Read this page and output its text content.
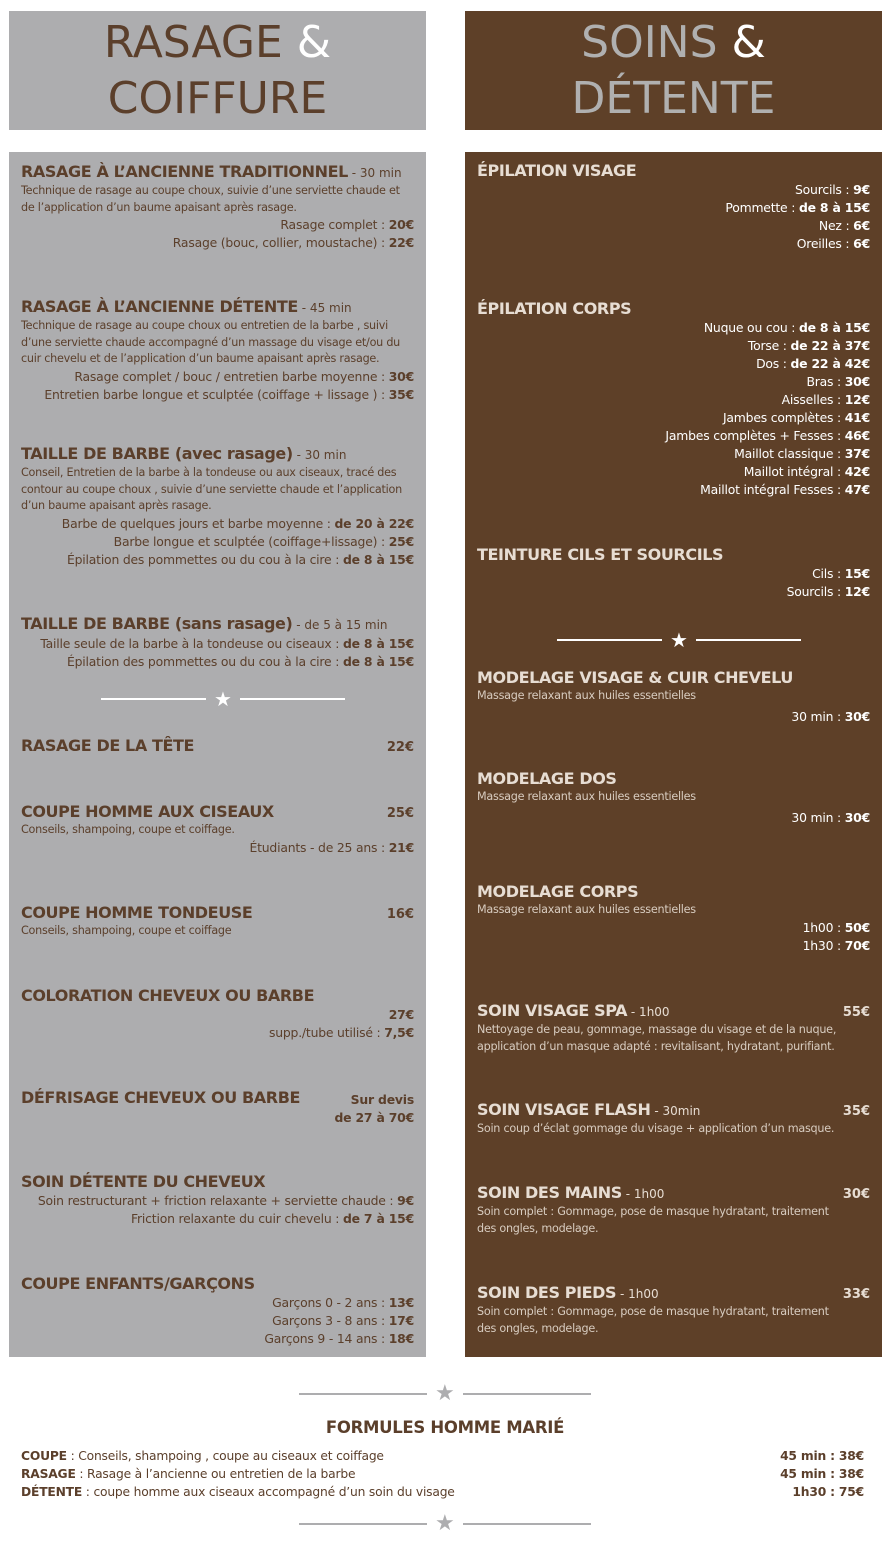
RASAGE &
COIFFURE
SOINS &
DÉTENTE
RASAGE À L’ANCIENNE TRADITIONNEL - 30 min
Technique de rasage au coupe choux, suivie d’une serviette chaude et de l’application d’un baume apaisant après rasage.
Rasage complet : 20€
Rasage (bouc, collier, moustache) : 22€
RASAGE À L’ANCIENNE DÉTENTE - 45 min
Technique de rasage au coupe choux ou entretien de la barbe , suivi d’une serviette chaude accompagné d’un massage du visage et/ou du cuir chevelu et de l’application d’un baume apaisant après rasage.
Rasage complet / bouc / entretien barbe moyenne : 30€
Entretien barbe longue et sculptée (coiffage + lissage ) : 35€
TAILLE DE BARBE (avec rasage) - 30 min
Conseil, Entretien de la barbe à la tondeuse ou aux ciseaux, tracé des contour au coupe choux , suivie d’une serviette chaude et l’application d’un baume apaisant après rasage.
Barbe de quelques jours et barbe moyenne : de 20 à 22€
Barbe longue et sculptée (coiffage+lissage) : 25€
Épilation des pommettes ou du cou à la cire : de 8 à 15€
TAILLE DE BARBE (sans rasage) - de 5 à 15 min
Taille seule de la barbe à la tondeuse ou ciseaux : de 8 à 15€
Épilation des pommettes ou du cou à la cire : de 8 à 15€
★
RASAGE DE LA TÊTE	22€
COUPE HOMME AUX CISEAUX	25€
Conseils, shampoing, coupe et coiffage.
Étudiants - de 25 ans : 21€
COUPE HOMME TONDEUSE	16€
Conseils, shampoing, coupe et coiffage
COLORATION CHEVEUX OU BARBE
27€
supp./tube utilisé : 7,5€
DÉFRISAGE CHEVEUX OU BARBE	Sur devis
de 27 à 70€
SOIN DÉTENTE DU CHEVEUX
Soin restructurant + friction relaxante + serviette chaude : 9€
Friction relaxante du cuir chevelu : de 7 à 15€
COUPE ENFANTS/GARÇONS
Garçons 0 - 2 ans : 13€
Garçons 3 - 8 ans : 17€
Garçons 9 - 14 ans : 18€
ÉPILATION VISAGE
Sourcils : 9€
Pommette : de 8 à 15€
Nez : 6€
Oreilles : 6€
ÉPILATION CORPS
Nuque ou cou : de 8 à 15€
Torse : de 22 à 37€
Dos : de 22 à 42€
Bras : 30€
Aisselles : 12€
Jambes complètes : 41€
Jambes complètes + Fesses : 46€
Maillot classique : 37€
Maillot intégral : 42€
Maillot intégral Fesses : 47€
TEINTURE CILS ET SOURCILS
Cils : 15€
Sourcils : 12€
★
MODELAGE VISAGE & CUIR CHEVELU
Massage relaxant aux huiles essentielles
30 min : 30€
MODELAGE DOS
Massage relaxant aux huiles essentielles
30 min : 30€
MODELAGE CORPS
Massage relaxant aux huiles essentielles
1h00 : 50€
1h30 : 70€
SOIN VISAGE SPA - 1h00	55€
Nettoyage de peau, gommage, massage du visage et de la nuque, application d’un masque adapté : revitalisant, hydratant, purifiant.
SOIN VISAGE FLASH - 30min	35€
Soin coup d’éclat gommage du visage + application d’un masque.
SOIN DES MAINS - 1h00	30€
Soin complet : Gommage, pose de masque hydratant, traitement des ongles, modelage.
SOIN DES PIEDS - 1h00	33€
Soin complet : Gommage, pose de masque hydratant, traitement des ongles, modelage.
★
FORMULES HOMME MARIÉ
COUPE : Conseils, shampoing , coupe au ciseaux et coiffage	45 min : 38€
RASAGE : Rasage à l’ancienne ou entretien de la barbe	45 min : 38€
DÉTENTE : coupe homme aux ciseaux accompagné d’un soin du visage	1h30 : 75€
★
